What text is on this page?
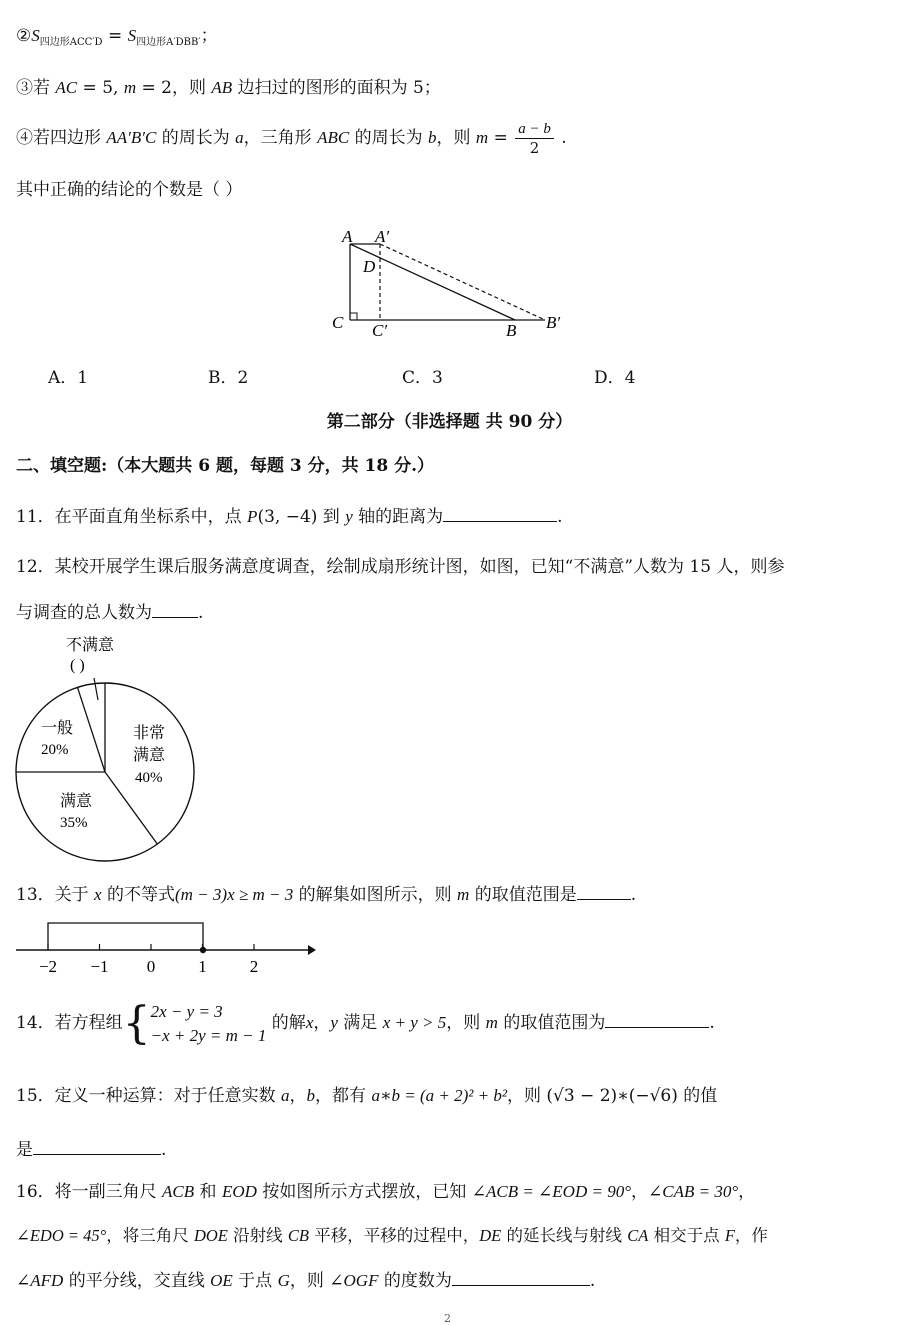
$②S_{四边形ACC'D} = S_{四边形A'DBB'}$；
③若 AC = 5, m = 2，则 AB 边扫过的图形的面积为 5；
④若四边形 AA′B′C 的周长为 a，三角形 ABC 的周长为 b，则 $m = \frac{a - b}{2}$ .
其中正确的结论的个数是（ ）
A A′
D
C C′	B B′
A．1	B．2	C．3	D．4
第二部分（非选择题 共 90 分）
二、填空题:（本大题共 6 题，每题 3 分，共 18 分.）
11．在平面直角坐标系中，点 P(3, −4) 到 y 轴的距离为	.
12．某校开展学生课后服务满意度调查，绘制成扇形统计图，如图，已知“不满意”人数为 15 人，则参
与调查的总人数为	.
不满意
( )
非常
满意
40%
满意
35%
一般
20%
13．关于 x 的不等式(m − 3)x ≥ m − 3 的解集如图所示，则 m 的取值范围是	.
−2 −1 0	1	2
14．若方程组{ 2x − y = 3
−x + 2y = m − 1
的解x，y 满足 x + y > 5，则 m 的取值范围为	.
15．定义一种运算：对于任意实数 a，b，都有 a∗b = (a + 2)² + b²，则 (√3 − 2)∗(−√6) 的值
是	.
16．将一副三角尺 ACB 和 EOD 按如图所示方式摆放，已知 ∠ACB = ∠EOD = 90°，∠CAB = 30°，
∠EDO = 45°，将三角尺 DOE 沿射线 CB 平移，平移的过程中，DE 的延长线与射线 CA 相交于点 F，作
∠AFD 的平分线，交直线 OE 于点 G，则 ∠OGF 的度数为	.
2
